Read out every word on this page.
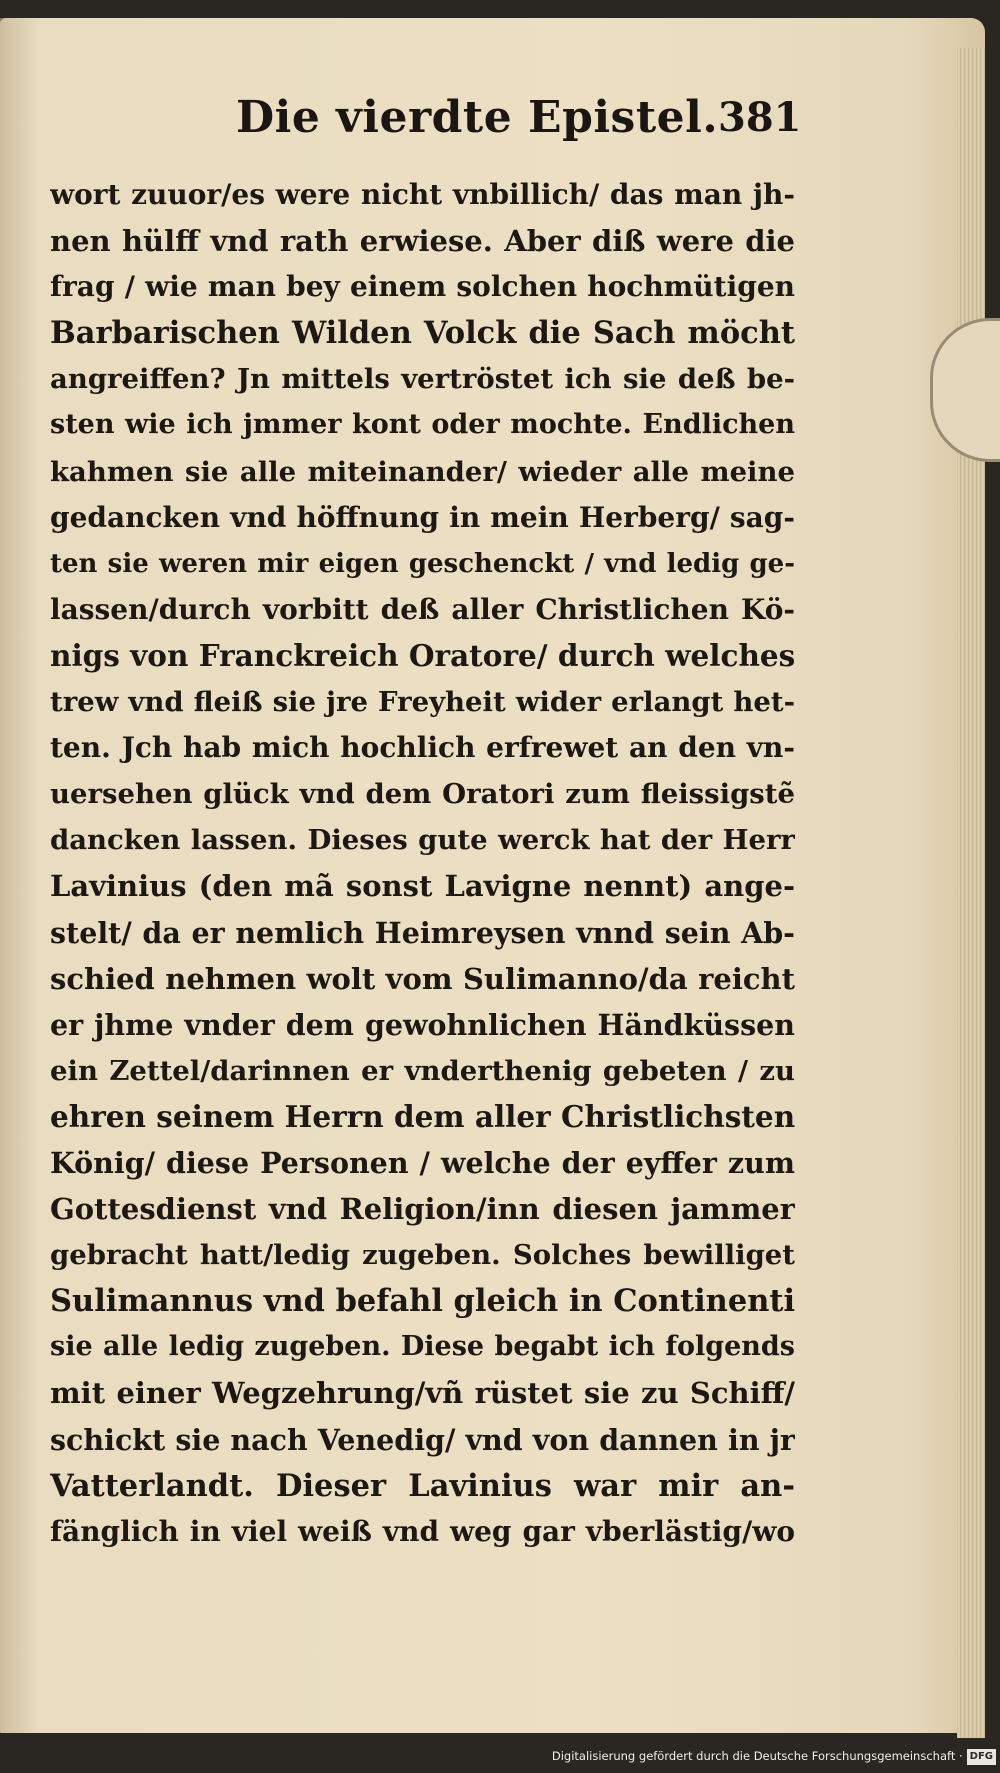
Die vierdte Epistel. 381
wort zuuor/es were nicht vnbillich/ das man jh-
nen hülff vnd rath erwiese. Aber diß were die
frag / wie man bey einem solchen hochmütigen
Barbarischen Wilden Volck die Sach möcht
angreiffen? Jn mittels vertröstet ich sie deß be-
sten wie ich jmmer kont oder mochte. Endlichen
kahmen sie alle miteinander/ wieder alle meine
gedancken vnd höffnung in mein Herberg/ sag-
ten sie weren mir eigen geschenckt / vnd ledig ge-
lassen/durch vorbitt deß aller Christlichen Kö-
nigs von Franckreich Oratore/ durch welches
trew vnd fleiß sie jre Freyheit wider erlangt het-
ten. Jch hab mich hochlich erfrewet an den vn-
uersehen glück vnd dem Oratori zum fleissigstẽ
dancken lassen. Dieses gute werck hat der Herr
Lavinius (den mã sonst Lavigne nennt) ange-
stelt/ da er nemlich Heimreysen vnnd sein Ab-
schied nehmen wolt vom Sulimanno/da reicht
er jhme vnder dem gewohnlichen Händküssen
ein Zettel/darinnen er vnderthenig gebeten / zu
ehren seinem Herrn dem aller Christlichsten
König/ diese Personen / welche der eyffer zum
Gottesdienst vnd Religion/inn diesen jammer
gebracht hatt/ledig zugeben. Solches bewilliget
Sulimannus vnd befahl gleich in Continenti
sie alle ledig zugeben. Diese begabt ich folgends
mit einer Wegzehrung/vñ rüstet sie zu Schiff/
schickt sie nach Venedig/ vnd von dannen in jr
Vatterlandt. Dieser Lavinius war mir an-
fänglich in viel weiß vnd weg gar vberlästig/wo
Digitalisierung gefördert durch die Deutsche Forschungsgemeinschaft · DFG
